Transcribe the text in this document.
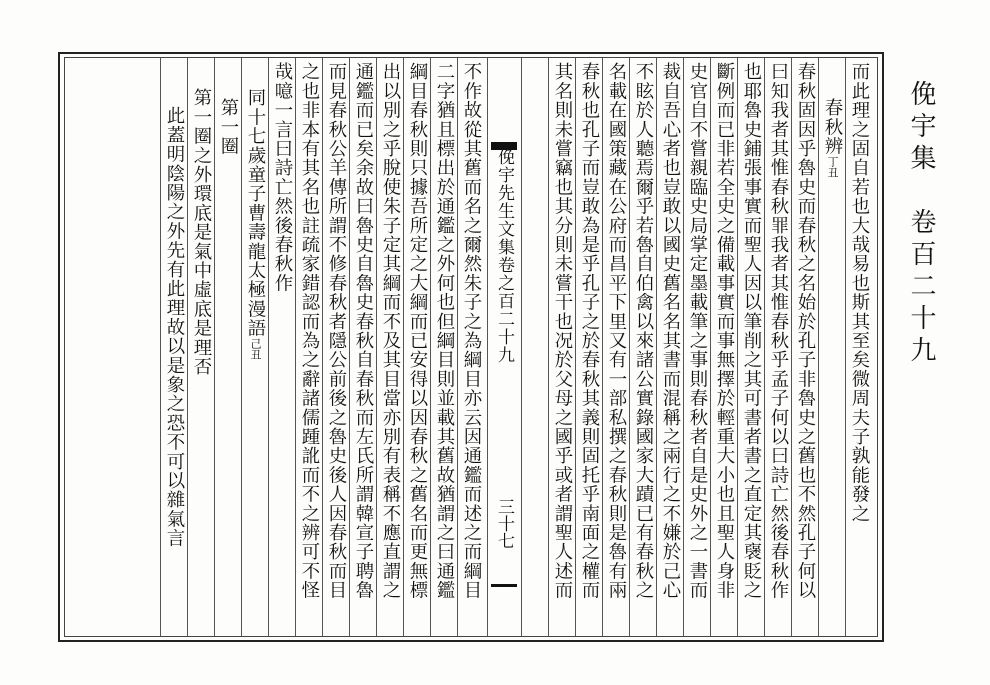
俛宇集　卷百二十九
而此理之固自若也大哉易也斯其至矣微周夫子孰能發之
春秋辨丁丑
春秋固因乎魯史而春秋之名始於孔子非魯史之舊也不然孔子何以
曰知我者其惟春秋罪我者其惟春秋乎孟子何以曰詩亡然後春秋作
也耶魯史鋪張事實而聖人因以筆削之其可書者書之直定其襃貶之
斷例而已非若全史之備載事實而事無擇於輕重大小也且聖人身非
史官自不嘗親臨史局掌定墨載筆之事則春秋者自是史外之一書而
裁自吾心者也豈敢以國史舊名名其書而混稱之兩行之不嫌於己心
不眩於人聽焉爾乎若魯自伯禽以來諸公實錄國家大蹟已有春秋之
名載在國策藏在公府而昌平下里又有一部私撰之春秋則是魯有兩
春秋也孔子而豈敢為是乎孔子之於春秋其義則固托乎南面之權而
其名則未嘗竊也其分則未嘗干也况於父母之國乎或者謂聖人述而
俛宇先生文集卷之百二十九
三十七
不作故從其舊而名之爾然朱子之為綱目亦云因通鑑而述之而綱目
二字猶且標出於通鑑之外何也但綱目則並載其舊故猶謂之曰通鑑
綱目春秋則只據吾所定之大綱而已安得以因春秋之舊名而更無標
出以別之乎脫使朱子定其綱而不及其目當亦別有表稱不應直謂之
通鑑而已矣余故曰魯史自魯史春秋自春秋而左氏所謂韓宣子聘魯
而見春秋公羊傳所謂不修春秋者隱公前後之魯史後人因春秋而目
之也非本有其名也註疏家錯認而為之辭諸儒踵訛而不之辨可不怪
哉噫一言曰詩亡然後春秋作
同十七歲童子曹壽龍太極漫語己丑
第一圈
第一圈之外環底是氣中虛底是理否
此蓋明陰陽之外先有此理故以是象之恐不可以雜氣言
